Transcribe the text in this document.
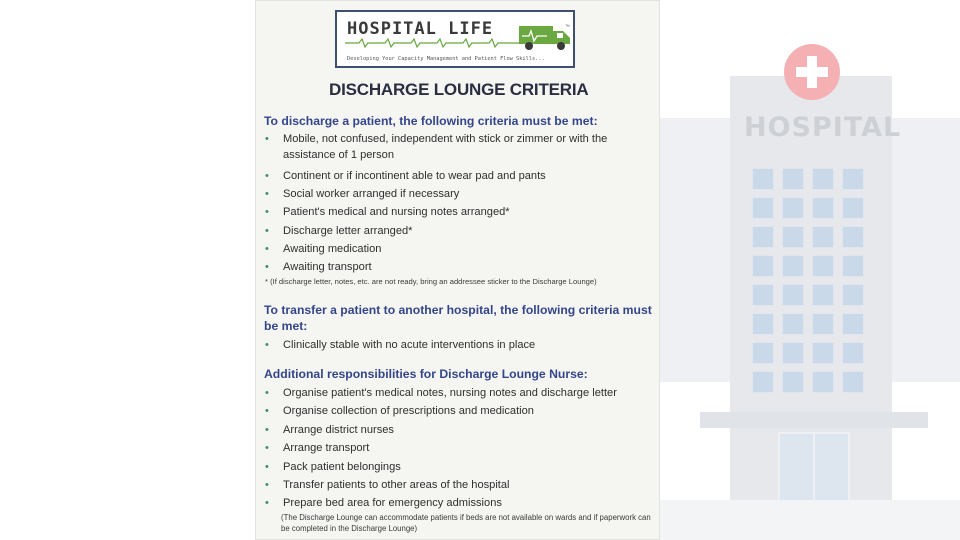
HOSPITAL
HOSPITAL LIFE	™
Developing Your Capacity Management and Patient Flow Skills...
DISCHARGE LOUNGE CRITERIA
To discharge a patient, the following criteria must be met:
• Mobile, not confused, independent with stick or zimmer or with the assistance of 1 person
• Continent or if incontinent able to wear pad and pants
• Social worker arranged if necessary
• Patient's medical and nursing notes arranged*
• Discharge letter arranged*
• Awaiting medication
• Awaiting transport
* (If discharge letter, notes, etc. are not ready, bring an addressee sticker to the Discharge Lounge)
To transfer a patient to another hospital, the following criteria must be met:
• Clinically stable with no acute interventions in place
Additional responsibilities for Discharge Lounge Nurse:
• Organise patient's medical notes, nursing notes and discharge letter
• Organise collection of prescriptions and medication
• Arrange district nurses
• Arrange transport
• Pack patient belongings
• Transfer patients to other areas of the hospital
• Prepare bed area for emergency admissions
(The Discharge Lounge can accommodate patients if beds are not available on wards and if paperwork can be completed in the Discharge Lounge)
